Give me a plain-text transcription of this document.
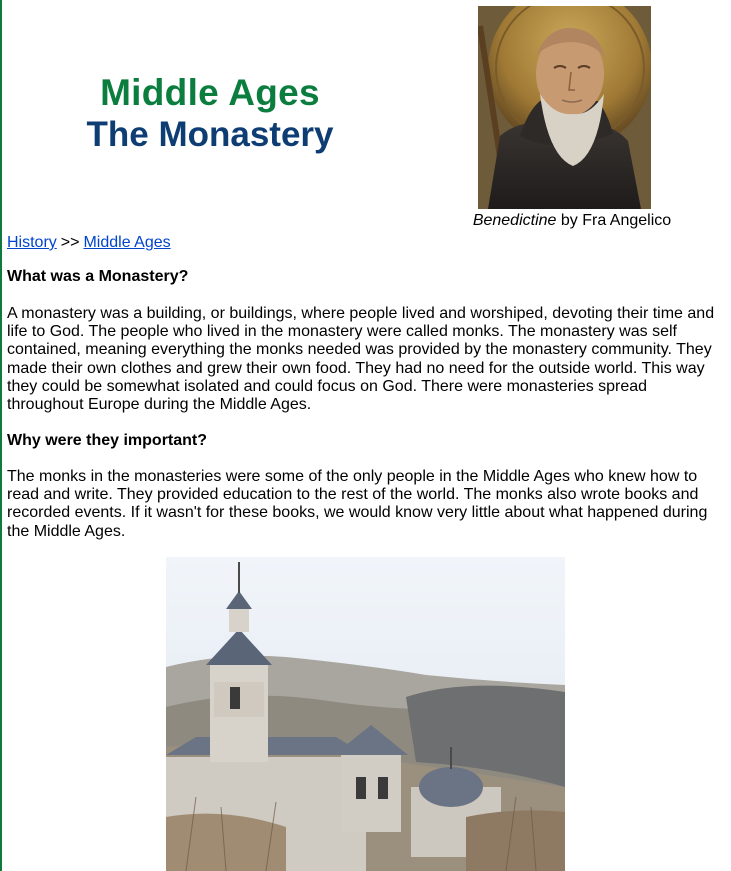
Middle Ages
The Monastery
Benedictine by Fra Angelico
History >> Middle Ages
What was a Monastery?

A monastery was a building, or buildings, where people lived and worshiped, devoting their time and life to God. The people who lived in the monastery were called monks. The monastery was self contained, meaning everything the monks needed was provided by the monastery community. They made their own clothes and grew their own food. They had no need for the outside world. This way they could be somewhat isolated and could focus on God. There were monasteries spread throughout Europe during the Middle Ages.

Why were they important?

The monks in the monasteries were some of the only people in the Middle Ages who knew how to read and write. They provided education to the rest of the world. The monks also wrote books and recorded events. If it wasn't for these books, we would know very little about what happened during the Middle Ages.
